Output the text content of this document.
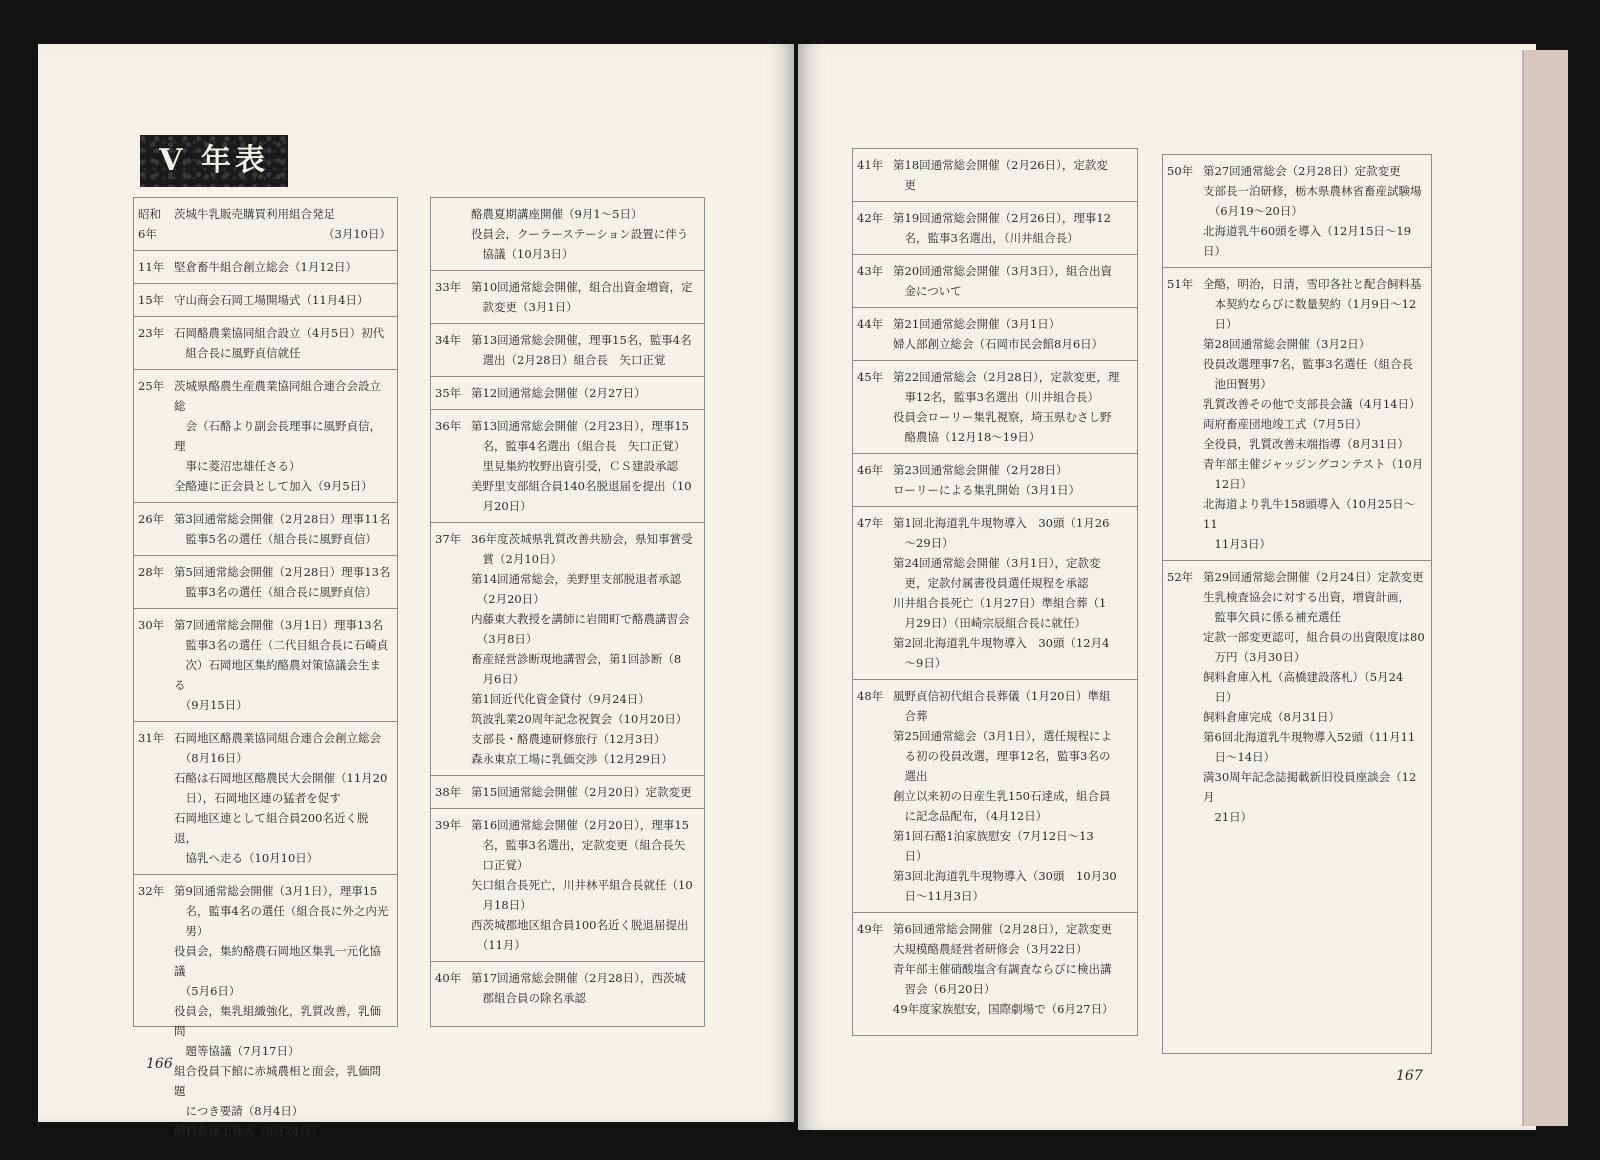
V 年表
昭和
6年
茨城牛乳販売購買利用組合発足
（3月10日）
11年 堅倉畜牛組合創立総会（1月12日）
15年 守山商会石岡工場開場式（11月4日）
23年 石岡酪農業協同組合設立（4月5日）初代
　組合長に風野貞信就任
25年 茨城県酪農生産農業協同組合連合会設立総
　会（石酪より副会長理事に風野貞信，理
　事に菱沼忠雄任さる）
全酪連に正会員として加入（9月5日）
26年 第3回通常総会開催（2月28日）理事11名
　監事5名の選任（組合長に風野貞信）
28年 第5回通常総会開催（2月28日）理事13名
　監事3名の選任（組合長に風野貞信）
30年 第7回通常総会開催（3月1日）理事13名
　監事3名の選任（二代目組合長に石崎貞
　次）石岡地区集約酪農対策協議会生まる
　（9月15日）
31年 石岡地区酪農業協同組合連合会創立総会
　（8月16日）
石酪は石岡地区酪農民大会開催（11月20
　日），石岡地区連の猛者を促す
石岡地区連として組合員200名近く脱退，
　協乳へ走る（10月10日）
32年 第9回通常総会開催（3月1日），理事15
　名，監事4名の選任（組合長に外之内光
　男）
役員会，集約酪農石岡地区集乳一元化協議
　（5月6日）
役員会，集乳組織強化，乳質改善，乳価問
　題等協議（7月17日）
組合役員下館に赤城農相と面会，乳価問題
　につき要請（8月4日）
飼料倉庫上棟式（8月24日）
酪農夏期講座開催（9月1〜5日）
役員会，クーラーステーション設置に伴う
　協議（10月3日）
33年 第10回通常総会開催，組合出資金増資，定
　款変更（3月1日）
34年 第13回通常総会開催，理事15名，監事4名
　選出（2月28日）組合長　矢口正覚
35年 第12回通常総会開催（2月27日）
36年 第13回通常総会開催（2月23日），理事15
　名，監事4名選出（組合長　矢口正覚）
　里見集約牧野出資引受，ＣＳ建設承認
美野里支部組合員140名脱退届を提出（10
　月20日）
37年 36年度茨城県乳質改善共励会，県知事賞受
　賞（2月10日）
第14回通常総会，美野里支部脱退者承認
　（2月20日）
内藤東大教授を講師に岩間町で酪農講習会
　（3月8日）
畜産経営診断現地講習会，第1回診断（8
　月6日）
第1回近代化資金貸付（9月24日）
筑波乳業20周年記念祝賀会（10月20日）
支部長・酪農連研修旅行（12月3日）
森永東京工場に乳価交渉（12月29日）
38年 第15回通常総会開催（2月20日）定款変更
39年 第16回通常総会開催（2月20日），理事15
　名，監事3名選出，定款変更（組合長矢
　口正覚）
矢口組合長死亡，川井林平組合長就任（10
　月18日）
西茨城郡地区組合員100名近く脱退届提出
　（11月）
40年 第17回通常総会開催（2月28日），西茨城
　郡組合員の除名承認
41年 第18回通常総会開催（2月26日），定款変
　更
42年 第19回通常総会開催（2月26日），理事12
　名，監事3名選出，（川井組合長）
43年 第20回通常総会開催（3月3日），組合出資
　金について
44年 第21回通常総会開催（3月1日）
婦人部創立総会（石岡市民会館8月6日）
45年 第22回通常総会（2月28日），定款変更，理
　事12名，監事3名選出（川井組合長）
役員会ローリー集乳視察，埼玉県むさし野
　酪農協（12月18〜19日）
46年 第23回通常総会開催（2月28日）
ローリーによる集乳開始（3月1日）
47年 第1回北海道乳牛現物導入　30頭（1月26
　〜29日）
第24回通常総会開催（3月1日），定款変
　更，定款付属書役員選任規程を承認
川井組合長死亡（1月27日）準組合葬（1
　月29日）（田崎宗辰組合長に就任）
第2回北海道乳牛現物導入　30頭（12月4
　〜9日）
48年 風野貞信初代組合長葬儀（1月20日）準組
　合葬
第25回通常総会（3月1日），選任規程によ
　る初の役員改選，理事12名，監事3名の
　選出
創立以来初の日産生乳150石達成，組合員
　に記念品配布，（4月12日）
第1回石酪1泊家族慰安（7月12日〜13
　日）
第3回北海道乳牛現物導入（30頭　10月30
　日〜11月3日）
49年 第6回通常総会開催（2月28日），定款変更
大規模酪農経営者研修会（3月22日）
青年部主催硝酸塩含有調査ならびに検出講
　習会（6月20日）
49年度家族慰安，国際劇場で（6月27日）
50年 第27回通常総会（2月28日）定款変更
支部長一泊研修，栃木県農林省畜産試験場
　（6月19〜20日）
北海道乳牛60頭を導入（12月15日〜19日）
51年 全酪，明治，日清，雪印各社と配合飼料基
　本契約ならびに数量契約（1月9日〜12
　日）
第28回通常総会開催（3月2日）
役員改選理事7名，監事3名選任（組合長
　池田賢男）
乳質改善その他で支部長会議（4月14日）
両府畜産団地竣工式（7月5日）
全役員，乳質改善末端指導（8月31日）
青年部主催ジャッジングコンテスト（10月
　12日）
北海道より乳牛158頭導入（10月25日〜11
　11月3日）
52年 第29回通常総会開催（2月24日）定款変更
生乳検査協会に対する出資，増資計画，
　監事欠員に係る補充選任
定款一部変更認可，組合員の出資限度は80
　万円（3月30日）
飼料倉庫入札（高橋建設落札）（5月24
　日）
飼料倉庫完成（8月31日）
第6回北海道乳牛現物導入52頭（11月11
　日〜14日）
満30周年記念誌掲載新旧役員座談会（12月
　21日）
166
167
